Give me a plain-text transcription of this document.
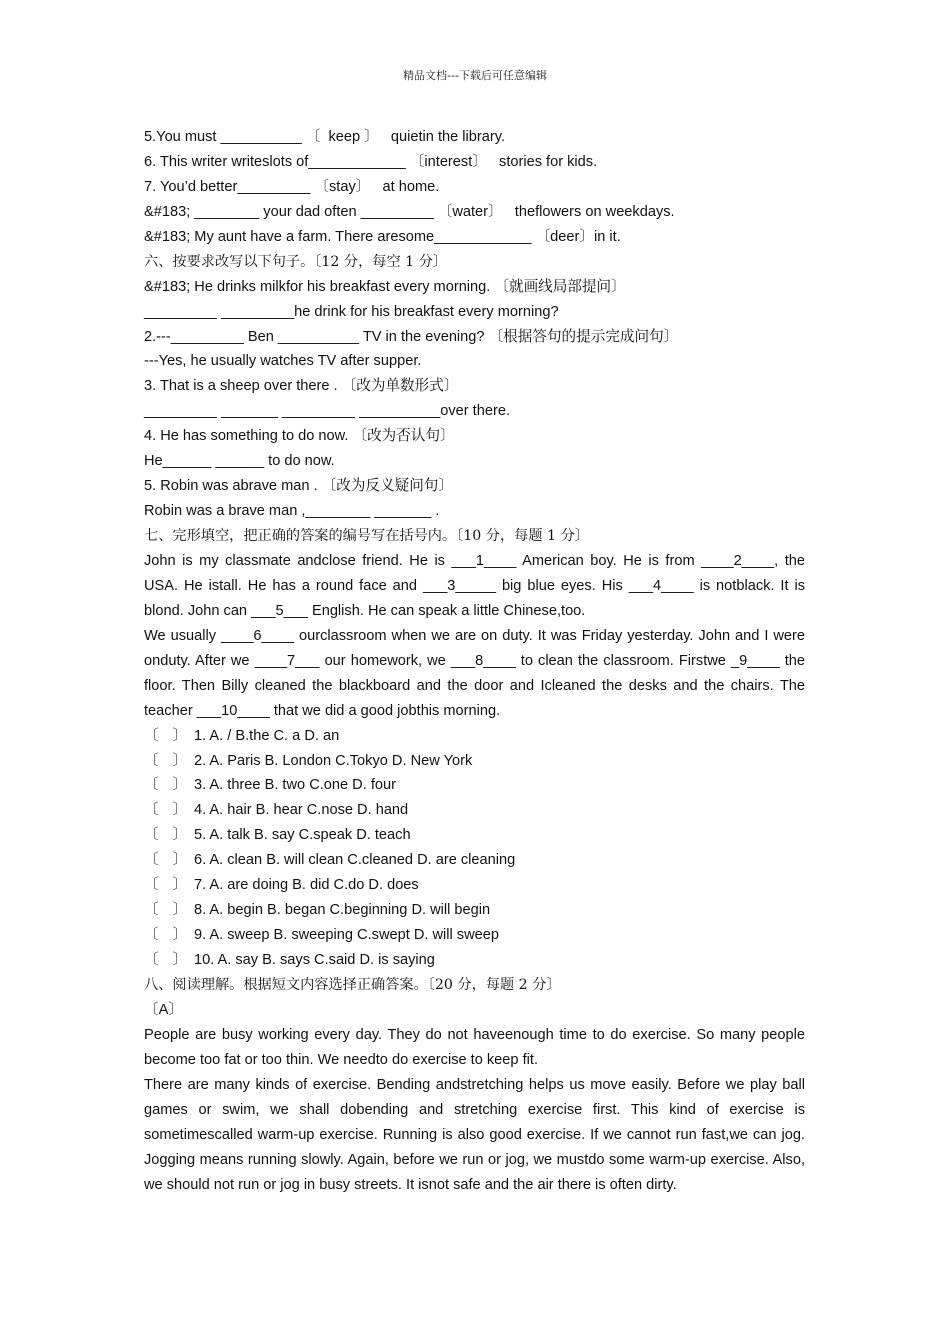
精品文档---下载后可任意编辑
5.You must __________ 〔  keep 〕   quietin the library.
6. This writer writeslots of____________ 〔interest〕   stories for kids.
7. You’d better_________ 〔stay〕   at home.
&#183; ________ your dad often _________ 〔water〕   theflowers on weekdays.
&#183; My aunt have a farm. There aresome____________ 〔deer〕in it.
六、按要求改写以下句子。〔12 分，每空 1 分〕
&#183; He drinks milkfor his breakfast every morning. 〔就画线局部提问〕
_________ _________he drink for his breakfast every morning?
2.---_________ Ben __________ TV in the evening? 〔根据答句的提示完成问句〕
---Yes, he usually watches TV after supper.
3. That is a sheep over there . 〔改为单数形式〕
_________ _______ _________ __________over there.
4. He has something to do now. 〔改为否认句〕
He______ ______ to do now.
5. Robin was abrave man . 〔改为反义疑问句〕
Robin was a brave man ,________ _______ .
七、完形填空，把正确的答案的编号写在括号内。〔10 分，每题 1 分〕
John is my classmate andclose friend. He is ___1____ American boy. He is from ____2____, the USA. He istall. He has a round face and ___3_____ big blue eyes. His ___4____ is notblack. It is blond. John can ___5___ English. He can speak a little Chinese,too.
We usually ____6____ ourclassroom when we are on duty. It was Friday yesterday. John and I were onduty. After we ____7___ our homework, we ___8____ to clean the classroom. Firstwe _9____ the floor. Then Billy cleaned the blackboard and the door and Icleaned the desks and the chairs. The teacher ___10____ that we did a good jobthis morning.
〔   〕 1. A. / B.the C. a D. an
〔   〕 2. A. Paris B. London C.Tokyo D. New York
〔   〕 3. A. three B. two C.one D. four
〔   〕 4. A. hair B. hear C.nose D. hand
〔   〕 5. A. talk B. say C.speak D. teach
〔   〕 6. A. clean B. will clean C.cleaned D. are cleaning
〔   〕 7. A. are doing B. did C.do D. does
〔   〕 8. A. begin B. began C.beginning D. will begin
〔   〕 9. A. sweep B. sweeping C.swept D. will sweep
〔   〕 10. A. say B. says C.said D. is saying
八、阅读理解。根据短文内容选择正确答案。〔20 分，每题 2 分〕
〔A〕
People are busy working every day. They do not haveenough time to do exercise. So many people become too fat or too thin. We needto do exercise to keep fit.
There are many kinds of exercise. Bending andstretching helps us move easily. Before we play ball games or swim, we shall dobending and stretching exercise first. This kind of exercise is sometimescalled warm-up exercise. Running is also good exercise. If we cannot run fast,we can jog. Jogging means running slowly. Again, before we run or jog, we mustdo some warm-up exercise. Also, we should not run or jog in busy streets. It isnot safe and the air there is often dirty.
